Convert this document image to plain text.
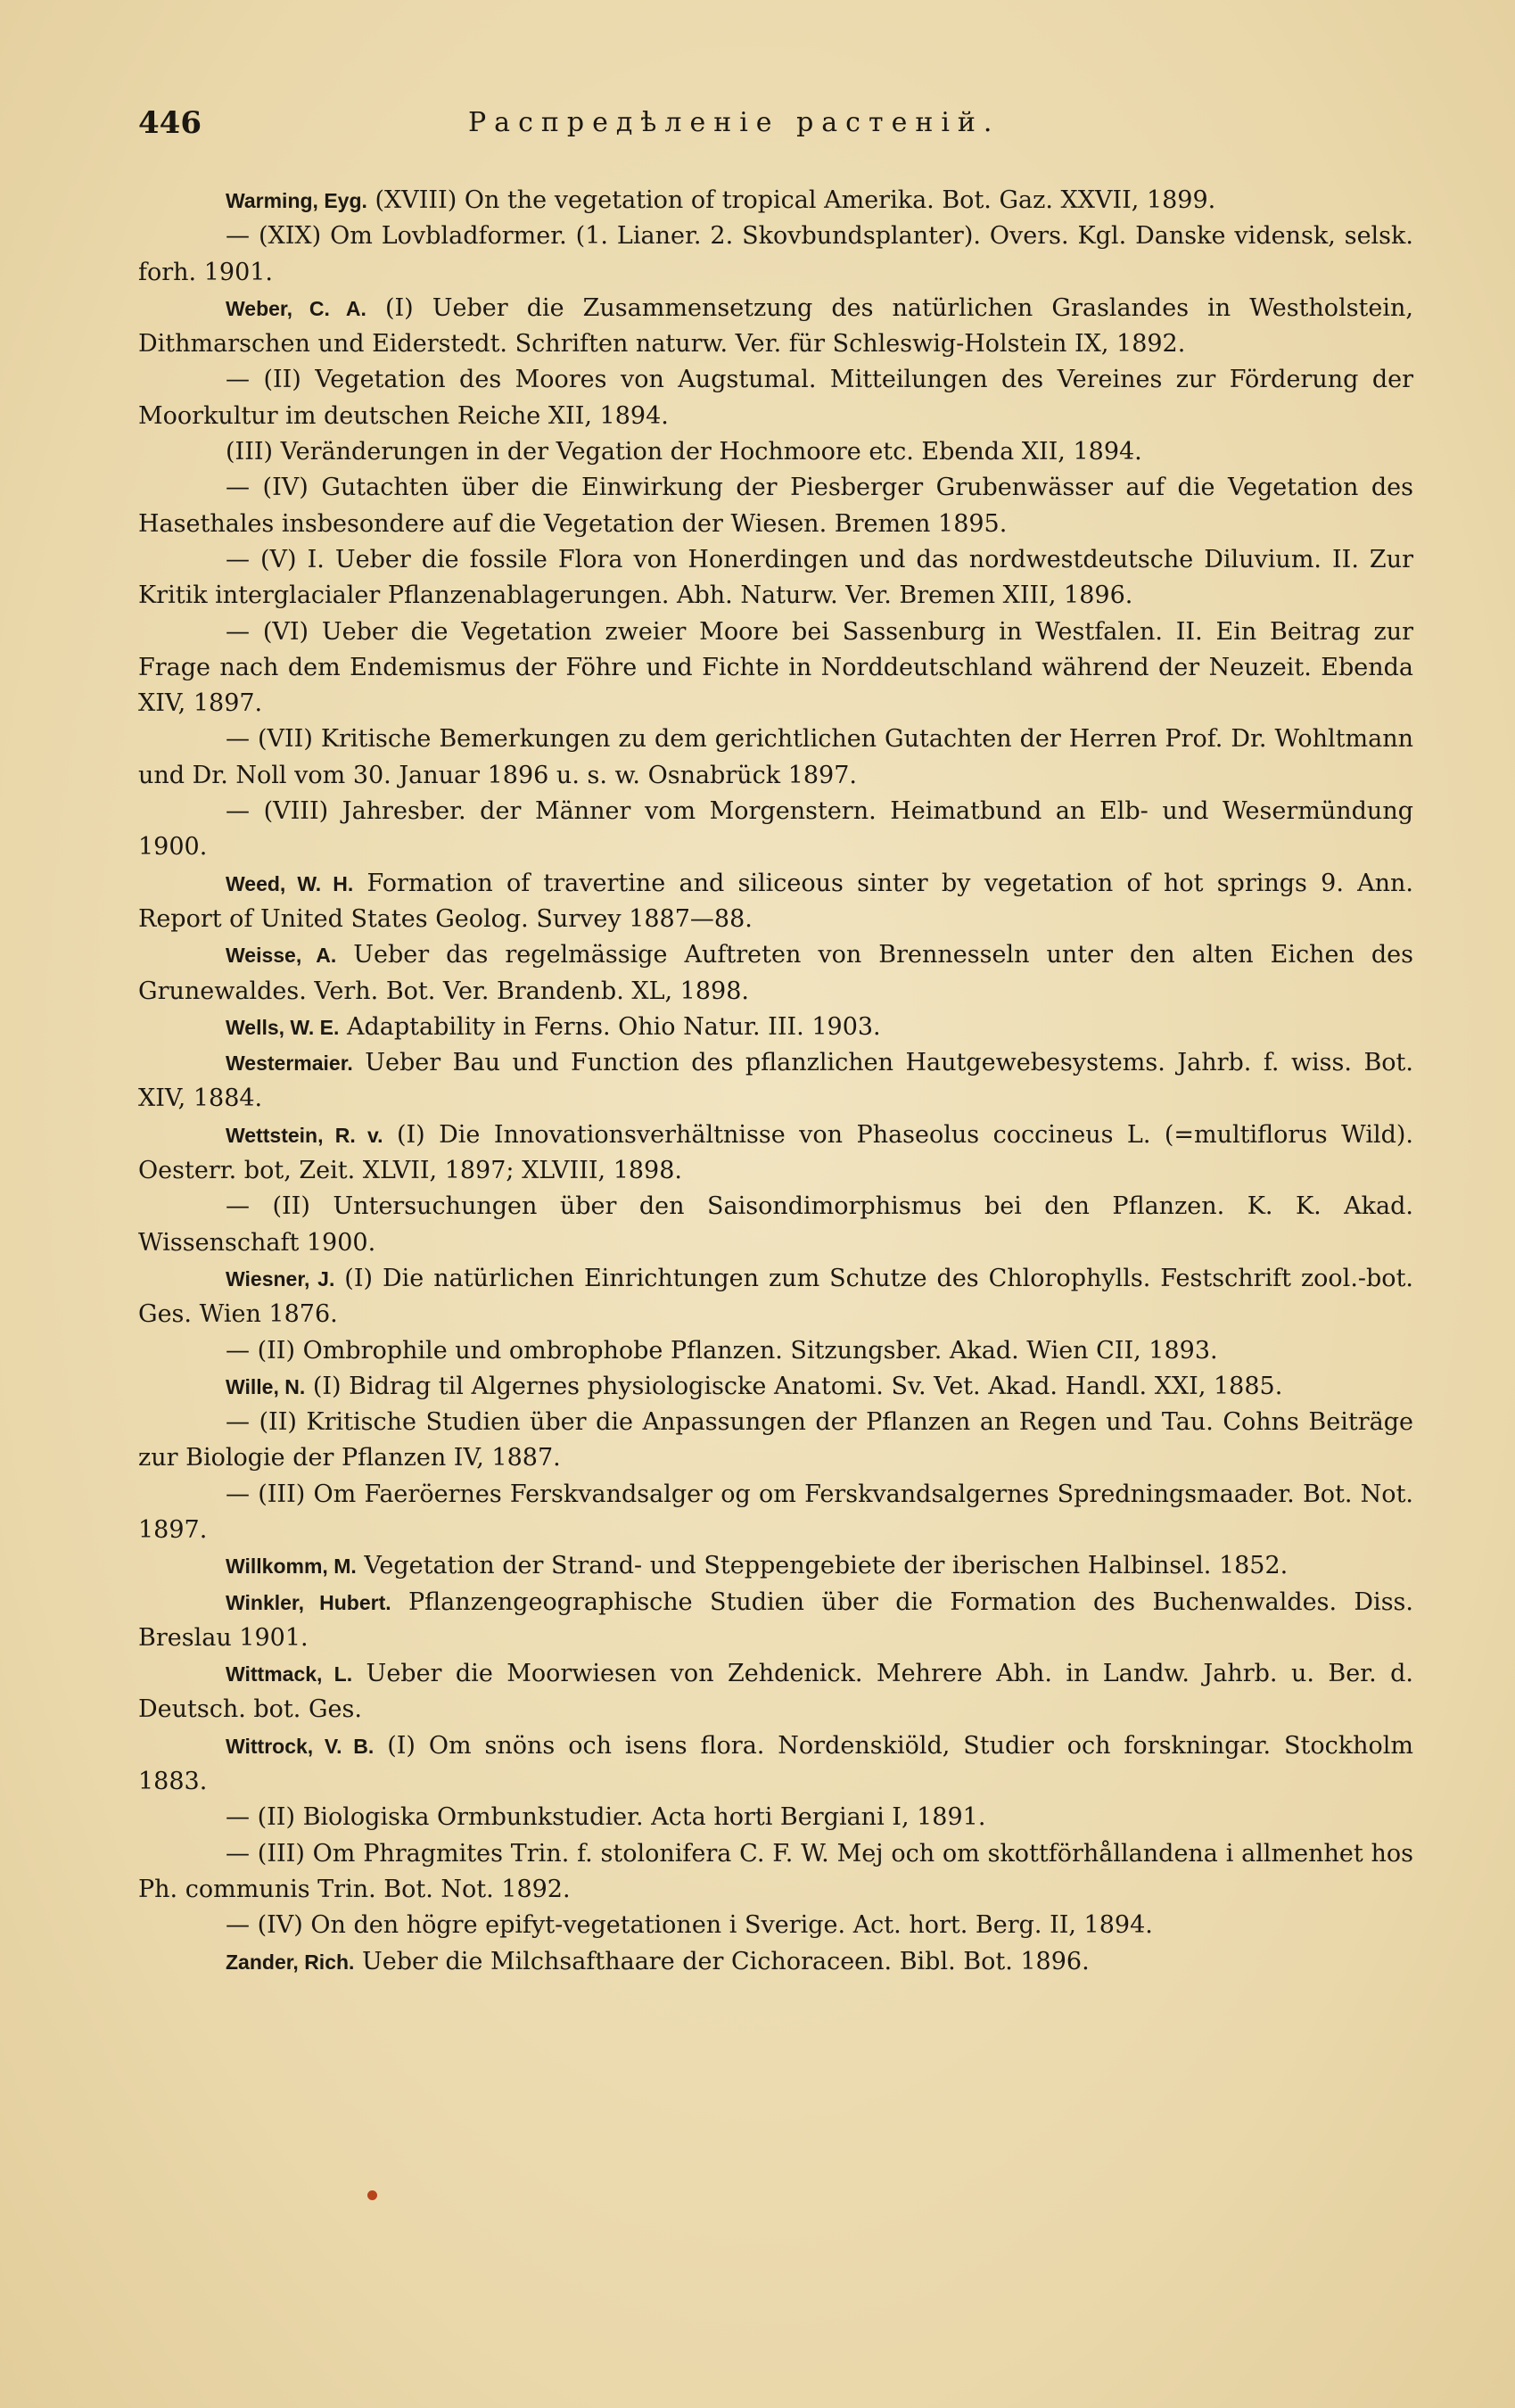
446	Распредѣленіе растеній.

Warming, Eyg. (XVIII) On the vegetation of tropical Amerika. Bot. Gaz. XXVII, 1899.

— (XIX) Om Lovbladformer. (1. Lianer. 2. Skovbundsplanter). Overs. Kgl. Danske vidensk, selsk. forh. 1901.

Weber, C. A. (I) Ueber die Zusammensetzung des natürlichen Graslandes in Westholstein, Dithmarschen und Eiderstedt. Schriften naturw. Ver. für Schleswig-Holstein IX, 1892.

— (II) Vegetation des Moores von Augstumal. Mitteilungen des Vereines zur Förderung der Moorkultur im deutschen Reiche XII, 1894.

(III) Veränderungen in der Vegation der Hochmoore etc. Ebenda XII, 1894.

— (IV) Gutachten über die Einwirkung der Piesberger Grubenwässer auf die Vegetation des Hasethales insbesondere auf die Vegetation der Wiesen. Bremen 1895.

— (V) I. Ueber die fossile Flora von Honerdingen und das nordwestdeutsche Diluvium. II. Zur Kritik interglacialer Pflanzenablagerungen. Abh. Naturw. Ver. Bremen XIII, 1896.

— (VI) Ueber die Vegetation zweier Moore bei Sassenburg in Westfalen. II. Ein Beitrag zur Frage nach dem Endemismus der Föhre und Fichte in Norddeutschland während der Neuzeit. Ebenda XIV, 1897.

— (VII) Kritische Bemerkungen zu dem gerichtlichen Gutachten der Herren Prof. Dr. Wohltmann und Dr. Noll vom 30. Januar 1896 u. s. w. Osnabrück 1897.

— (VIII) Jahresber. der Männer vom Morgenstern. Heimatbund an Elb- und Wesermündung 1900.

Weed, W. H. Formation of travertine and siliceous sinter by vegetation of hot springs 9. Ann. Report of United States Geolog. Survey 1887—88.

Weisse, A. Ueber das regelmässige Auftreten von Brennesseln unter den alten Eichen des Grunewaldes. Verh. Bot. Ver. Brandenb. XL, 1898.

Wells, W. E. Adaptability in Ferns. Ohio Natur. III. 1903.

Westermaier. Ueber Bau und Function des pflanzlichen Hautgewebesystems. Jahrb. f. wiss. Bot. XIV, 1884.

Wettstein, R. v. (I) Die Innovationsverhältnisse von Phaseolus coccineus L. (=multiflorus Wild). Oesterr. bot, Zeit. XLVII, 1897; XLVIII, 1898.

— (II) Untersuchungen über den Saisondimorphismus bei den Pflanzen. K. K. Akad. Wissenschaft 1900.

Wiesner, J. (I) Die natürlichen Einrichtungen zum Schutze des Chlorophylls. Festschrift zool.-bot. Ges. Wien 1876.

— (II) Ombrophile und ombrophobe Pflanzen. Sitzungsber. Akad. Wien CII, 1893.

Wille, N. (I) Bidrag til Algernes physiologiscke Anatomi. Sv. Vet. Akad. Handl. XXI, 1885.

— (II) Kritische Studien über die Anpassungen der Pflanzen an Regen und Tau. Cohns Beiträge zur Biologie der Pflanzen IV, 1887.

— (III) Om Faeröernes Ferskvandsalger og om Ferskvandsalgernes Spredningsmaader. Bot. Not. 1897.

Willkomm, M. Vegetation der Strand- und Steppengebiete der iberischen Halbinsel. 1852.

Winkler, Hubert. Pflanzengeographische Studien über die Formation des Buchenwaldes. Diss. Breslau 1901.

Wittmack, L. Ueber die Moorwiesen von Zehdenick. Mehrere Abh. in Landw. Jahrb. u. Ber. d. Deutsch. bot. Ges.

Wittrock, V. B. (I) Om snöns och isens flora. Nordenskiöld, Studier och forskningar. Stockholm 1883.

— (II) Biologiska Ormbunkstudier. Acta horti Bergiani I, 1891.

— (III) Om Phragmites Trin. f. stolonifera C. F. W. Mej och om skottförhållandena i allmenhet hos Ph. communis Trin. Bot. Not. 1892.

— (IV) On den högre epifyt-vegetationen i Sverige. Act. hort. Berg. II, 1894.

Zander, Rich. Ueber die Milchsafthaare der Cichoraceen. Bibl. Bot. 1896.
